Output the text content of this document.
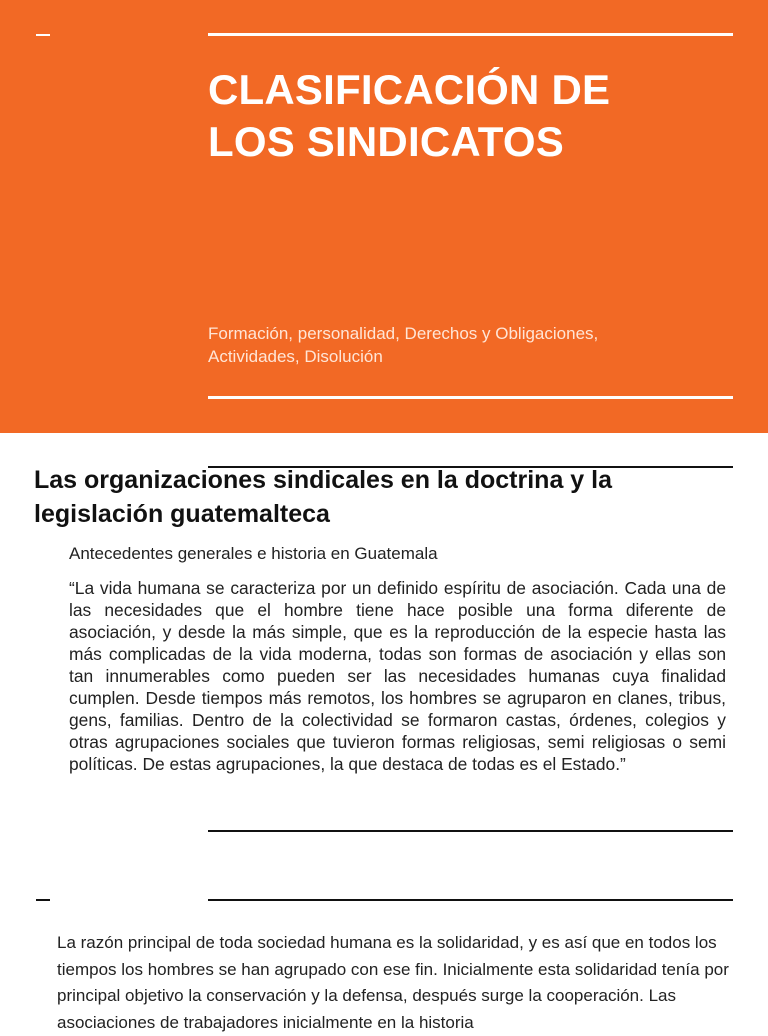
CLASIFICACIÓN DE
LOS SINDICATOS

Formación, personalidad, Derechos y Obligaciones,
Actividades, Disolución

Las organizaciones sindicales en la doctrina y la
legislación guatemalteca

Antecedentes generales e historia en Guatemala

“La vida humana se caracteriza por un definido espíritu de asociación. Cada una de las necesidades que el hombre tiene hace posible una forma diferente de asociación, y desde la más simple, que es la reproducción de la especie hasta las más complicadas de la vida moderna, todas son formas de asociación y ellas son tan innumerables como pueden ser las necesidades humanas cuya finalidad cumplen. Desde tiempos más remotos, los hombres se agruparon en clanes, tribus, gens, familias. Dentro de la colectividad se formaron castas, órdenes, colegios y otras agrupaciones sociales que tuvieron formas religiosas, semi religiosas o semi políticas. De estas agrupaciones, la que destaca de todas es el Estado.”

La razón principal de toda sociedad humana es la solidaridad, y es así que en todos los tiempos los hombres se han agrupado con ese fin. Inicialmente esta solidaridad tenía por principal objetivo la conservación y la defensa, después surge la cooperación. Las asociaciones de trabajadores inicialmente en la historia
